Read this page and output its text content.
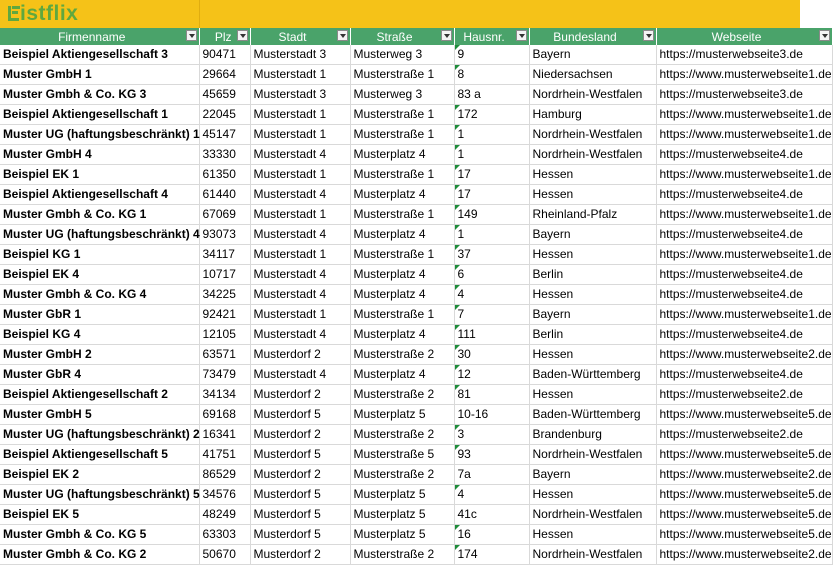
istflix
Firmenname	Plz	Stadt	Straße	Hausnr.	Bundesland	Webseite

Beispiel Aktiengesellschaft 3	90471	Musterstadt 3	Musterweg 3	9	Bayern	https://musterwebseite3.de
Muster GmbH 1	29664	Musterstadt 1	Musterstraße 1	8	Niedersachsen	https://www.musterwebseite1.de
Muster Gmbh & Co. KG 3	45659	Musterstadt 3	Musterweg 3	83 a	Nordrhein-Westfalen	https://musterwebseite3.de
Beispiel Aktiengesellschaft 1	22045	Musterstadt 1	Musterstraße 1	172	Hamburg	https://www.musterwebseite1.de
Muster UG (haftungsbeschränkt) 1	45147	Musterstadt 1	Musterstraße 1	1	Nordrhein-Westfalen	https://www.musterwebseite1.de
Muster GmbH 4	33330	Musterstadt 4	Musterplatz 4	1	Nordrhein-Westfalen	https://musterwebseite4.de
Beispiel EK 1	61350	Musterstadt 1	Musterstraße 1	17	Hessen	https://www.musterwebseite1.de
Beispiel Aktiengesellschaft 4	61440	Musterstadt 4	Musterplatz 4	17	Hessen	https://musterwebseite4.de
Muster Gmbh & Co. KG 1	67069	Musterstadt 1	Musterstraße 1	149	Rheinland-Pfalz	https://www.musterwebseite1.de
Muster UG (haftungsbeschränkt) 4	93073	Musterstadt 4	Musterplatz 4	1	Bayern	https://musterwebseite4.de
Beispiel KG 1	34117	Musterstadt 1	Musterstraße 1	37	Hessen	https://www.musterwebseite1.de
Beispiel EK 4	10717	Musterstadt 4	Musterplatz 4	6	Berlin	https://musterwebseite4.de
Muster Gmbh & Co. KG 4	34225	Musterstadt 4	Musterplatz 4	4	Hessen	https://musterwebseite4.de
Muster GbR 1	92421	Musterstadt 1	Musterstraße 1	7	Bayern	https://www.musterwebseite1.de
Beispiel KG 4	12105	Musterstadt 4	Musterplatz 4	111	Berlin	https://musterwebseite4.de
Muster GmbH 2	63571	Musterdorf 2	Musterstraße 2	30	Hessen	https://www.musterwebseite2.de
Muster GbR 4	73479	Musterstadt 4	Musterplatz 4	12	Baden-Württemberg	https://musterwebseite4.de
Beispiel Aktiengesellschaft 2	34134	Musterdorf 2	Musterstraße 2	81	Hessen	https://musterwebseite2.de
Muster GmbH 5	69168	Musterdorf 5	Musterplatz 5	10-16	Baden-Württemberg	https://www.musterwebseite5.de
Muster UG (haftungsbeschränkt) 2	16341	Musterdorf 2	Musterstraße 2	3	Brandenburg	https://musterwebseite2.de
Beispiel Aktiengesellschaft 5	41751	Musterdorf 5	Musterstraße 5	93	Nordrhein-Westfalen	https://www.musterwebseite5.de
Beispiel EK 2	86529	Musterdorf 2	Musterstraße 2	7a	Bayern	https://www.musterwebseite2.de
Muster UG (haftungsbeschränkt) 5	34576	Musterdorf 5	Musterplatz 5	4	Hessen	https://www.musterwebseite5.de
Beispiel EK 5	48249	Musterdorf 5	Musterplatz 5	41c	Nordrhein-Westfalen	https://www.musterwebseite5.de
Muster Gmbh & Co. KG 5	63303	Musterdorf 5	Musterplatz 5	16	Hessen	https://www.musterwebseite5.de
Muster Gmbh & Co. KG 2	50670	Musterdorf 2	Musterstraße 2	174	Nordrhein-Westfalen	https://www.musterwebseite2.de
